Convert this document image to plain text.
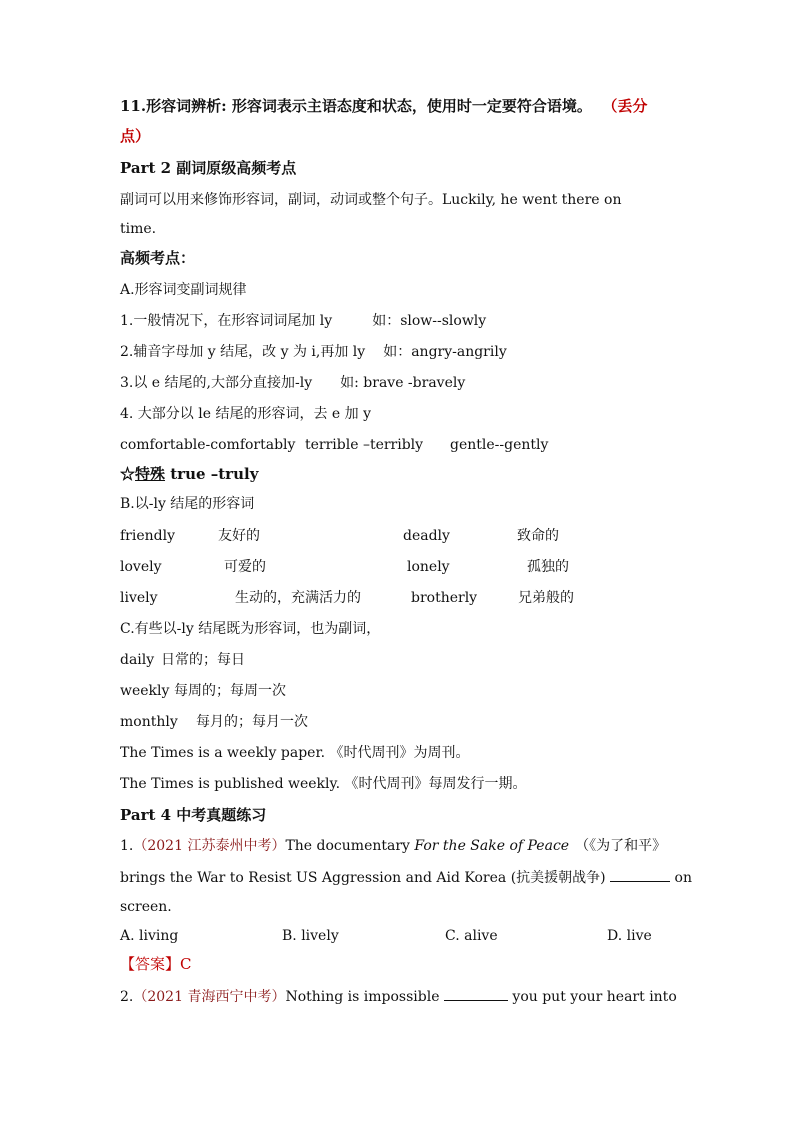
11.形容词辨析: 形容词表示主语态度和状态，使用时一定要符合语境。 （丢分
点）
Part 2 副词原级高频考点
副词可以用来修饰形容词，副词，动词或整个句子。Luckily, he went there on
time.
高频考点：
A.形容词变副词规律
1.一般情况下，在形容词词尾加 ly	如：slow--slowly
2.辅音字母加 y 结尾，改 y 为 i,再加 ly 如：angry-angrily
3.以 e 结尾的,大部分直接加-ly 如: brave -bravely
4. 大部分以 le 结尾的形容词，去 e 加 y
comfortable-comfortably terrible –terribly gentle--gently
☆特殊 true –truly
B.以-ly 结尾的形容词
friendly	友好的	deadly	致命的
lovely	可爱的	lonely	孤独的
lively	生动的，充满活力的	brotherly	兄弟般的
C.有些以-ly 结尾既为形容词，也为副词，
daily 日常的；每日
weekly 每周的；每周一次
monthly 每月的；每月一次
The Times is a weekly paper. 《时代周刊》为周刊。
The Times is published weekly. 《时代周刊》每周发行一期。
Part 4 中考真题练习
1.（2021 江苏泰州中考）The documentary For the Sake of Peace （《为了和平》
brings the War to Resist US Aggression and Aid Korea (抗美援朝战争)	on
screen.
A. living	B. lively	C. alive	D. live
【答案】C
2.（2021 青海西宁中考）Nothing is impossible	you put your heart into
